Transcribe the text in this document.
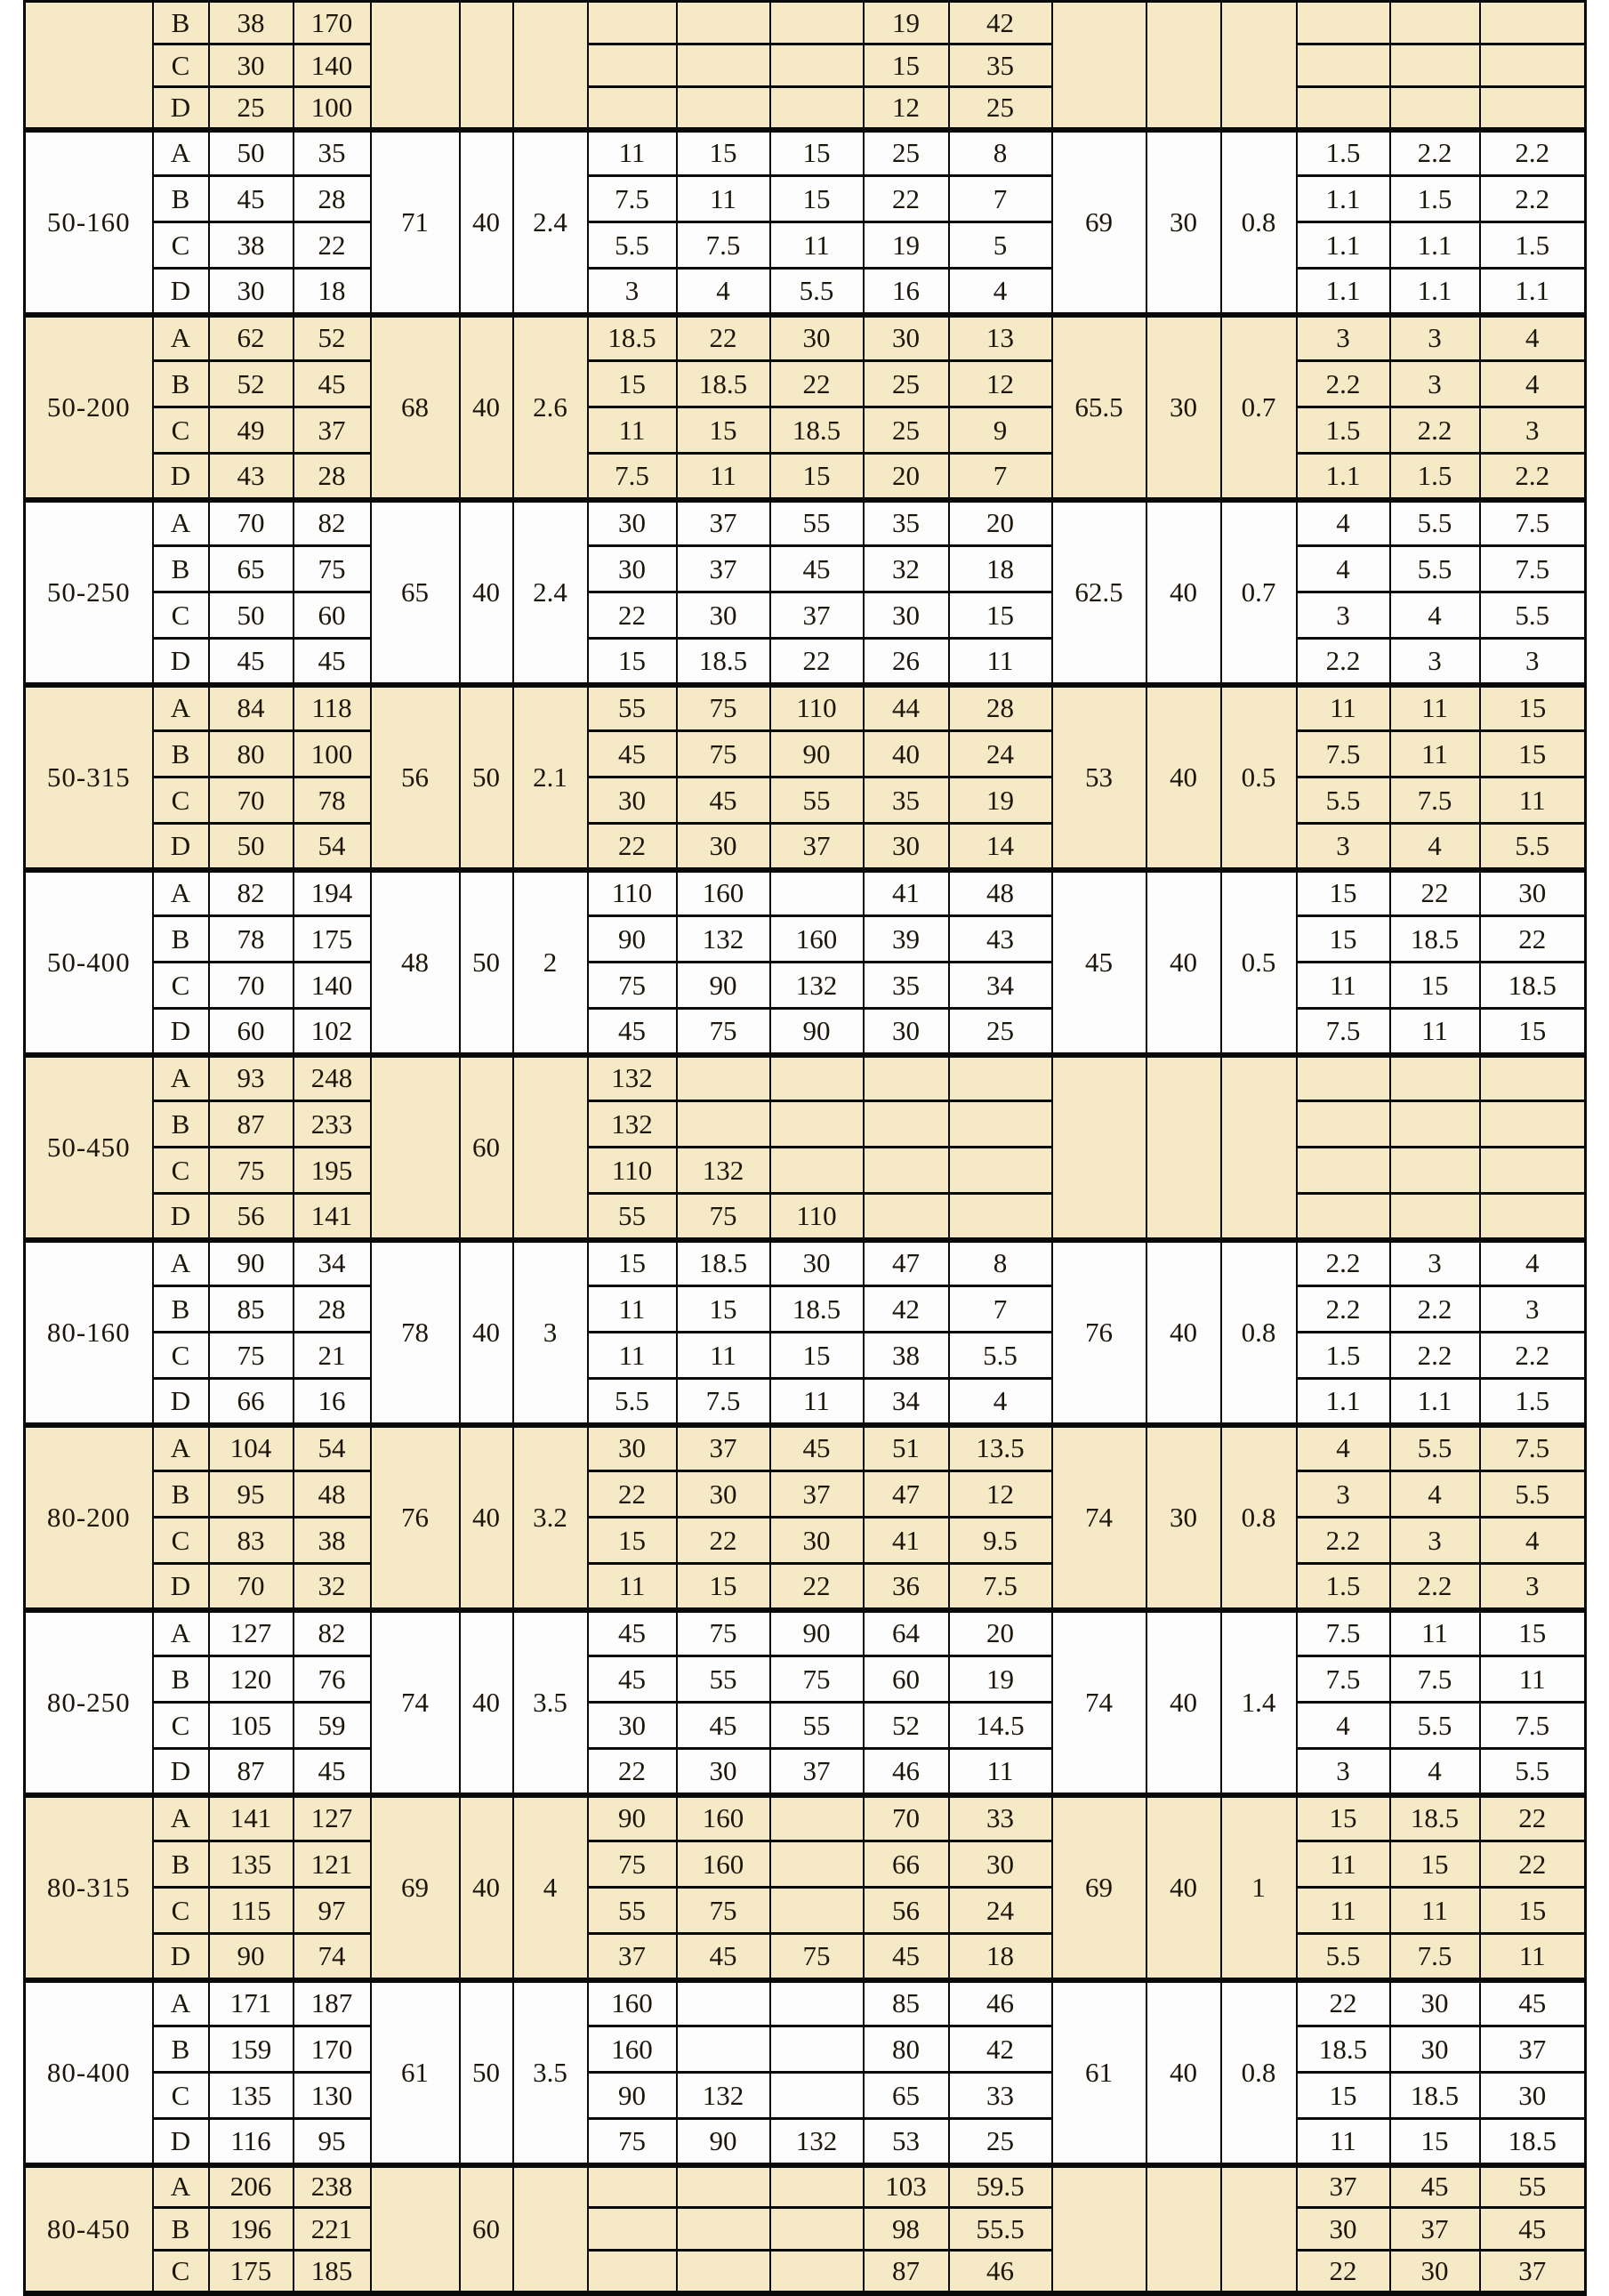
	B	38	170							19	42						
	C	30	140							15	35						
	D	25	100							12	25						
50-160	A	50	35	71	40	2.4	11	15	15	25	8	69	30	0.8	1.5	2.2	2.2
	B	45	28				7.5	11	15	22	7				1.1	1.5	2.2
	C	38	22				5.5	7.5	11	19	5				1.1	1.1	1.5
	D	30	18				3	4	5.5	16	4				1.1	1.1	1.1
50-200	A	62	52	68	40	2.6	18.5	22	30	30	13	65.5	30	0.7	3	3	4
	B	52	45				15	18.5	22	25	12				2.2	3	4
	C	49	37				11	15	18.5	25	9				1.5	2.2	3
	D	43	28				7.5	11	15	20	7				1.1	1.5	2.2
50-250	A	70	82	65	40	2.4	30	37	55	35	20	62.5	40	0.7	4	5.5	7.5
	B	65	75				30	37	45	32	18				4	5.5	7.5
	C	50	60				22	30	37	30	15				3	4	5.5
	D	45	45				15	18.5	22	26	11				2.2	3	3
50-315	A	84	118	56	50	2.1	55	75	110	44	28	53	40	0.5	11	11	15
	B	80	100				45	75	90	40	24				7.5	11	15
	C	70	78				30	45	55	35	19				5.5	7.5	11
	D	50	54				22	30	37	30	14				3	4	5.5
50-400	A	82	194	48	50	2	110	160		41	48	45	40	0.5	15	22	30
	B	78	175				90	132	160	39	43				15	18.5	22
	C	70	140				75	90	132	35	34				11	15	18.5
	D	60	102				45	75	90	30	25				7.5	11	15
50-450	A	93	248		60		132										
	B	87	233				132										
	C	75	195				110	132									
	D	56	141				55	75	110								
80-160	A	90	34	78	40	3	15	18.5	30	47	8	76	40	0.8	2.2	3	4
	B	85	28				11	15	18.5	42	7				2.2	2.2	3
	C	75	21				11	11	15	38	5.5				1.5	2.2	2.2
	D	66	16				5.5	7.5	11	34	4				1.1	1.1	1.5
80-200	A	104	54	76	40	3.2	30	37	45	51	13.5	74	30	0.8	4	5.5	7.5
	B	95	48				22	30	37	47	12				3	4	5.5
	C	83	38				15	22	30	41	9.5				2.2	3	4
	D	70	32				11	15	22	36	7.5				1.5	2.2	3
80-250	A	127	82	74	40	3.5	45	75	90	64	20	74	40	1.4	7.5	11	15
	B	120	76				45	55	75	60	19				7.5	7.5	11
	C	105	59				30	45	55	52	14.5				4	5.5	7.5
	D	87	45				22	30	37	46	11				3	4	5.5
80-315	A	141	127	69	40	4	90	160		70	33	69	40	1	15	18.5	22
	B	135	121				75	160		66	30				11	15	22
	C	115	97				55	75		56	24				11	11	15
	D	90	74				37	45	75	45	18				5.5	7.5	11
80-400	A	171	187	61	50	3.5	160			85	46	61	40	0.8	22	30	45
	B	159	170				160			80	42				18.5	30	37
	C	135	130				90	132		65	33				15	18.5	30
	D	116	95				75	90	132	53	25				11	15	18.5
80-450	A	206	238		60					103	59.5				37	45	55
	B	196	221							98	55.5				30	37	45
	C	175	185							87	46				22	30	37
